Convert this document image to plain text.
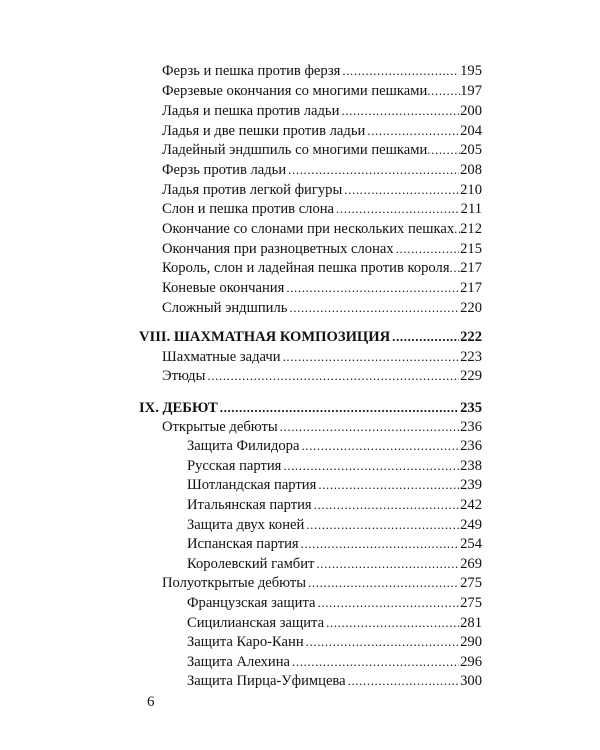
Ферзь и пешка против ферзя .....	195
Ферзевые окончания со многими пешками ..... 197
Ладья и пешка против ладьи .....	200
Ладья и две пешки против ладьи .....	204
Ладейный эндшпиль со многими пешками ..... 205
Ферзь против ладьи .....	208
Ладья против легкой фигуры .....	210
Слон и пешка против слона .....	211
Окончание со слонами при нескольких пешках ..... 212
Окончания при разноцветных слонах .....	215
Король, слон и ладейная пешка против короля ..... 217
Коневые окончания .....	217
Сложный эндшпиль .....	220
VIII. ШАХМАТНАЯ КОМПОЗИЦИЯ .....	222
Шахматные задачи .....	223
Этюды .....	229
IX. ДЕБЮТ .....	235
Открытые дебюты .....	236
Защита Филидора .....	236
Русская партия .....	238
Шотландская партия .....	239
Итальянская партия .....	242
Защита двух коней .....	249
Испанская партия .....	254
Королевский гамбит .....	269
Полуоткрытые дебюты .....	275
Французская защита .....	275
Сицилианская защита .....	281
Защита Каро-Канн .....	290
Защита Алехина .....	296
Защита Пирца-Уфимцева .....	300
6
